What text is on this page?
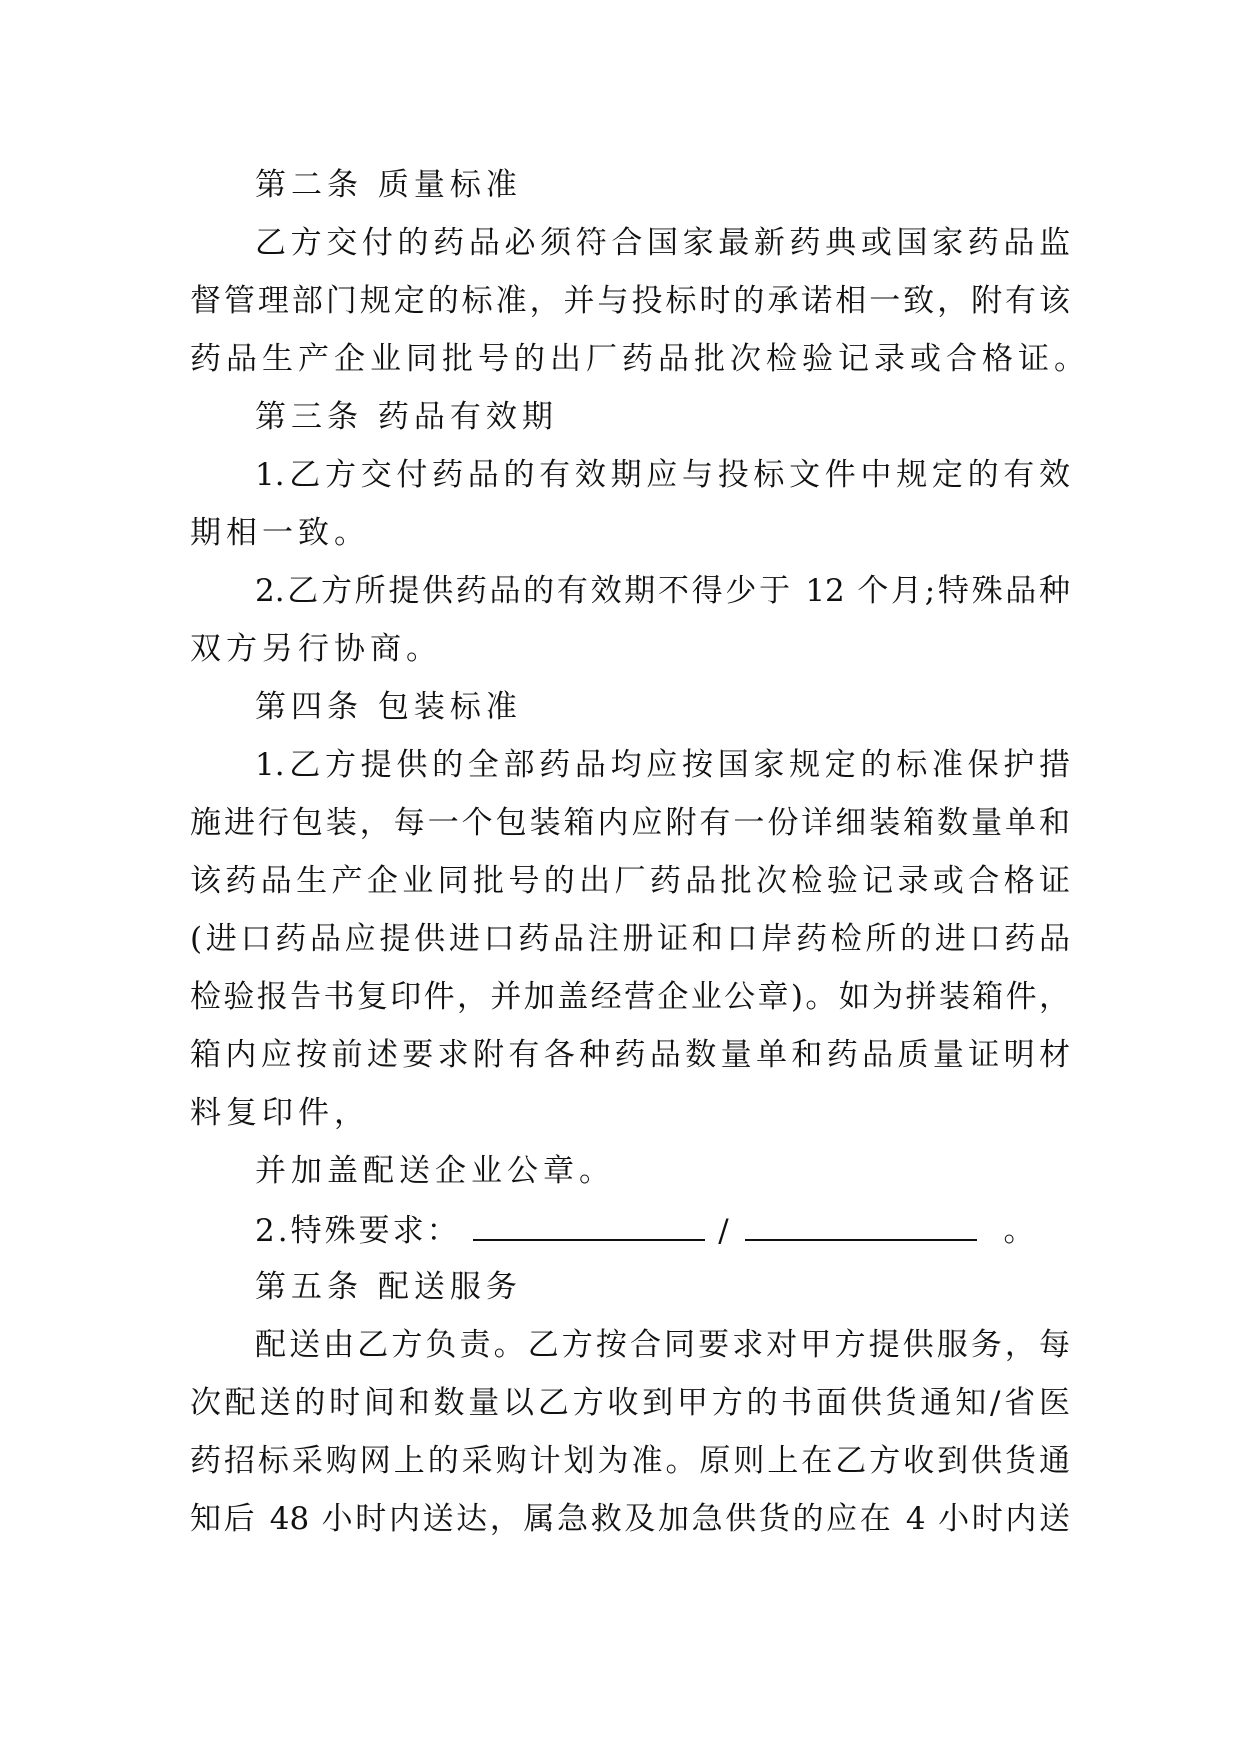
第二条 质量标准
乙方交付的药品必须符合国家最新药典或国家药品监
督管理部门规定的标准，并与投标时的承诺相一致，附有该
药品生产企业同批号的出厂药品批次检验记录或合格证。
第三条 药品有效期
1.乙方交付药品的有效期应与投标文件中规定的有效
期相一致。
2.乙方所提供药品的有效期不得少于 12 个月;特殊品种
双方另行协商。
第四条 包装标准
1.乙方提供的全部药品均应按国家规定的标准保护措
施进行包装，每一个包装箱内应附有一份详细装箱数量单和
该药品生产企业同批号的出厂药品批次检验记录或合格证
(进口药品应提供进口药品注册证和口岸药检所的进口药品
检验报告书复印件，并加盖经营企业公章)。如为拼装箱件，
箱内应按前述要求附有各种药品数量单和药品质量证明材
料复印件，
并加盖配送企业公章。
2.特殊要求：	/	。
第五条 配送服务
配送由乙方负责。乙方按合同要求对甲方提供服务，每
次配送的时间和数量以乙方收到甲方的书面供货通知/省医
药招标采购网上的采购计划为准。原则上在乙方收到供货通
知后 48 小时内送达，属急救及加急供货的应在 4 小时内送
